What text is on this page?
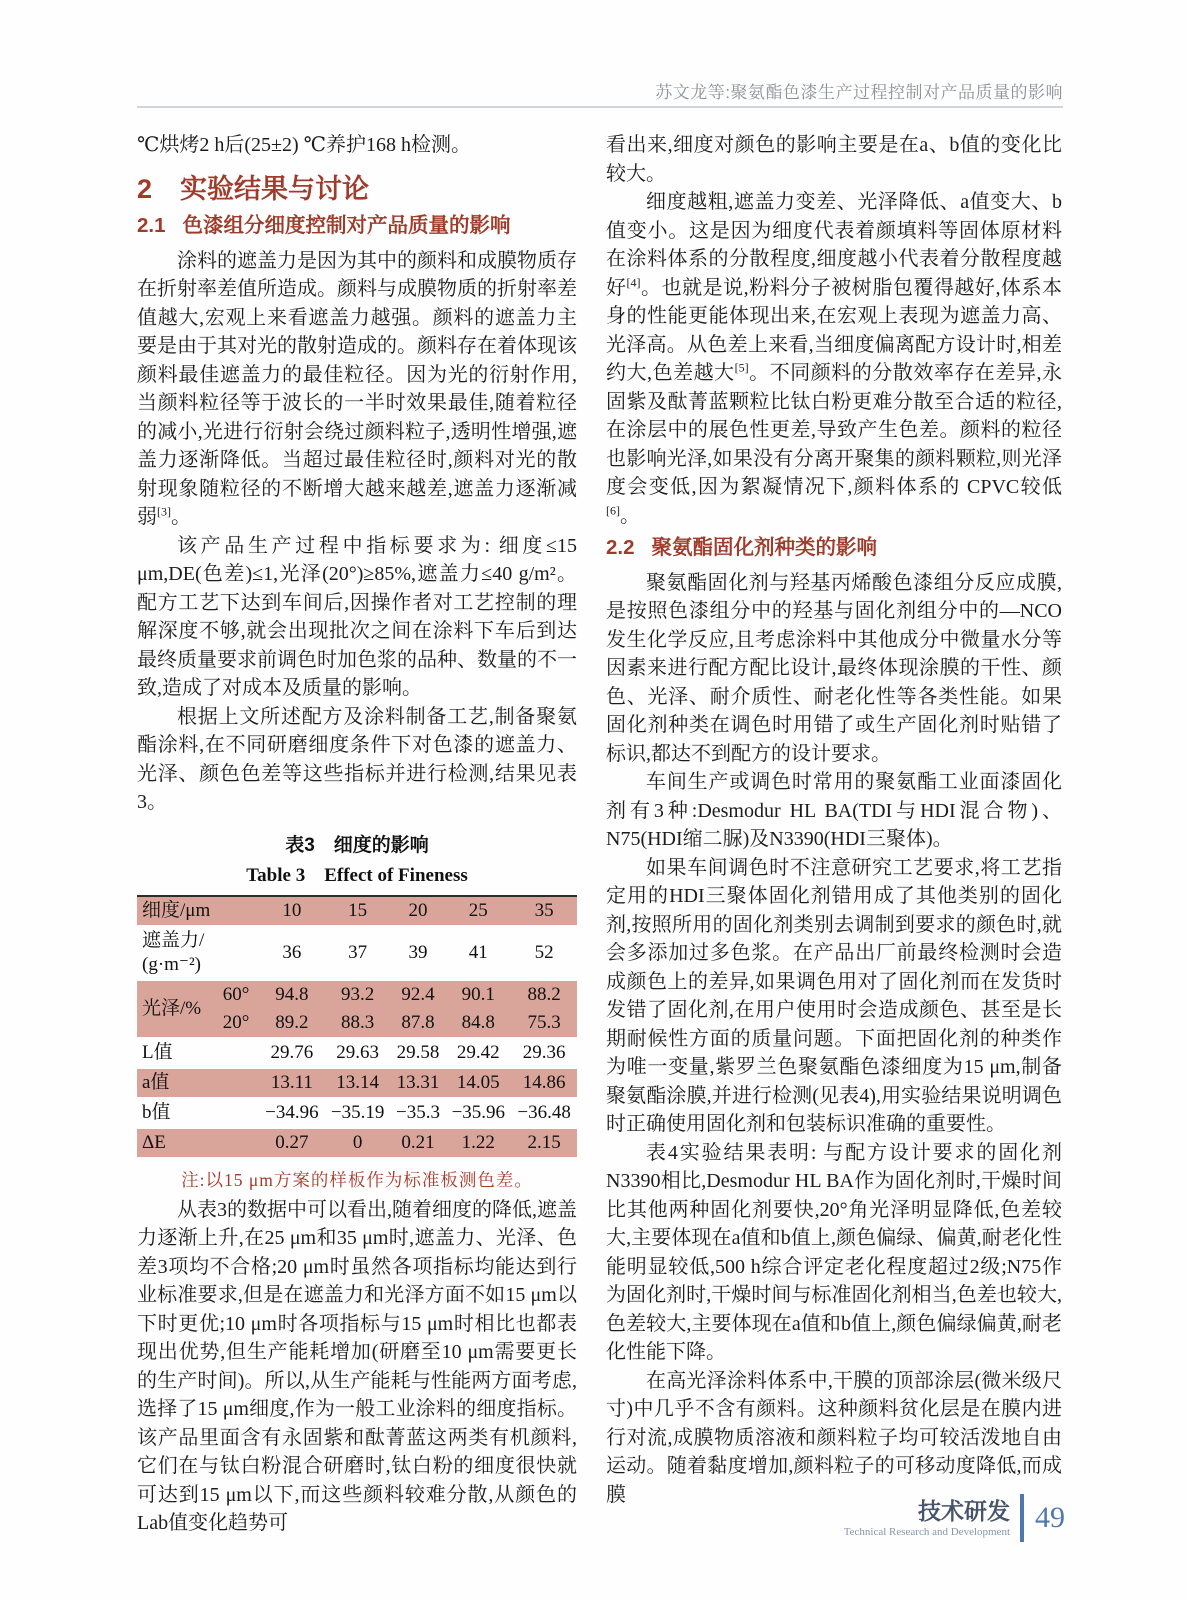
苏文龙等:聚氨酯色漆生产过程控制对产品质量的影响

℃烘烤2 h后(25±2) ℃养护168 h检测。

2 实验结果与讨论
2.1 色漆组分细度控制对产品质量的影响

涂料的遮盖力是因为其中的颜料和成膜物质存在折射率差值所造成。颜料与成膜物质的折射率差值越大,宏观上来看遮盖力越强。颜料的遮盖力主要是由于其对光的散射造成的。颜料存在着体现该颜料最佳遮盖力的最佳粒径。因为光的衍射作用,当颜料粒径等于波长的一半时效果最佳,随着粒径的减小,光进行衍射会绕过颜料粒子,透明性增强,遮盖力逐渐降低。当超过最佳粒径时,颜料对光的散射现象随粒径的不断增大越来越差,遮盖力逐渐减弱[3]。

该产品生产过程中指标要求为: 细度≤15 μm,DE(色差)≤1,光泽(20°)≥85%,遮盖力≤40 g/m²。配方工艺下达到车间后,因操作者对工艺控制的理解深度不够,就会出现批次之间在涂料下车后到达最终质量要求前调色时加色浆的品种、数量的不一致,造成了对成本及质量的影响。

根据上文所述配方及涂料制备工艺,制备聚氨酯涂料,在不同研磨细度条件下对色漆的遮盖力、光泽、颜色色差等这些指标并进行检测,结果见表3。

表3　细度的影响
Table 3　Effect of Fineness
细度/μm		10	15	20	25	35
遮盖力/ (g·m⁻²)		36	37	39	41	52
光泽/%	60°	94.8	93.2	92.4	90.1	88.2
	20°	89.2	88.3	87.8	84.8	75.3
L值		29.76	29.63	29.58	29.42	29.36
a值		13.11	13.14	13.31	14.05	14.86
b值		−34.96	−35.19	−35.3	−35.96	−36.48
ΔE		0.27	0	0.21	1.22	2.15
注:以15 μm方案的样板作为标准板测色差。

从表3的数据中可以看出,随着细度的降低,遮盖力逐渐上升,在25 μm和35 μm时,遮盖力、光泽、色差3项均不合格;20 μm时虽然各项指标均能达到行业标准要求,但是在遮盖力和光泽方面不如15 μm以下时更优;10 μm时各项指标与15 μm时相比也都表现出优势,但生产能耗增加(研磨至10 μm需要更长的生产时间)。所以,从生产能耗与性能两方面考虑,选择了15 μm细度,作为一般工业涂料的细度指标。该产品里面含有永固紫和酞菁蓝这两类有机颜料,它们在与钛白粉混合研磨时,钛白粉的细度很快就可达到15 μm以下,而这些颜料较难分散,从颜色的Lab值变化趋势可

看出来,细度对颜色的影响主要是在a、b值的变化比较大。

细度越粗,遮盖力变差、光泽降低、a值变大、b值变小。这是因为细度代表着颜填料等固体原材料在涂料体系的分散程度,细度越小代表着分散程度越好[4]。也就是说,粉料分子被树脂包覆得越好,体系本身的性能更能体现出来,在宏观上表现为遮盖力高、光泽高。从色差上来看,当细度偏离配方设计时,相差约大,色差越大[5]。不同颜料的分散效率存在差异,永固紫及酞菁蓝颗粒比钛白粉更难分散至合适的粒径,在涂层中的展色性更差,导致产生色差。颜料的粒径也影响光泽,如果没有分离开聚集的颜料颗粒,则光泽度会变低,因为絮凝情况下,颜料体系的 CPVC较低[6]。

2.2 聚氨酯固化剂种类的影响

聚氨酯固化剂与羟基丙烯酸色漆组分反应成膜,是按照色漆组分中的羟基与固化剂组分中的—NCO发生化学反应,且考虑涂料中其他成分中微量水分等因素来进行配方配比设计,最终体现涂膜的干性、颜色、光泽、耐介质性、耐老化性等各类性能。如果固化剂种类在调色时用错了或生产固化剂时贴错了标识,都达不到配方的设计要求。

车间生产或调色时常用的聚氨酯工业面漆固化剂有3种:Desmodur HL BA(TDI与HDI混合物)、N75(HDI缩二脲)及N3390(HDI三聚体)。

如果车间调色时不注意研究工艺要求,将工艺指定用的HDI三聚体固化剂错用成了其他类别的固化剂,按照所用的固化剂类别去调制到要求的颜色时,就会多添加过多色浆。在产品出厂前最终检测时会造成颜色上的差异,如果调色用对了固化剂而在发货时发错了固化剂,在用户使用时会造成颜色、甚至是长期耐候性方面的质量问题。下面把固化剂的种类作为唯一变量,紫罗兰色聚氨酯色漆细度为15 μm,制备聚氨酯涂膜,并进行检测(见表4),用实验结果说明调色时正确使用固化剂和包装标识准确的重要性。

表4实验结果表明: 与配方设计要求的固化剂N3390相比,Desmodur HL BA作为固化剂时,干燥时间比其他两种固化剂要快,20°角光泽明显降低,色差较大,主要体现在a值和b值上,颜色偏绿、偏黄,耐老化性能明显较低,500 h综合评定老化程度超过2级;N75作为固化剂时,干燥时间与标准固化剂相当,色差也较大,色差较大,主要体现在a值和b值上,颜色偏绿偏黄,耐老化性能下降。

在高光泽涂料体系中,干膜的顶部涂层(微米级尺寸)中几乎不含有颜料。这种颜料贫化层是在膜内进行对流,成膜物质溶液和颜料粒子均可较活泼地自由运动。随着黏度增加,颜料粒子的可移动度降低,而成膜

技术研发
Technical Research and Development 49
